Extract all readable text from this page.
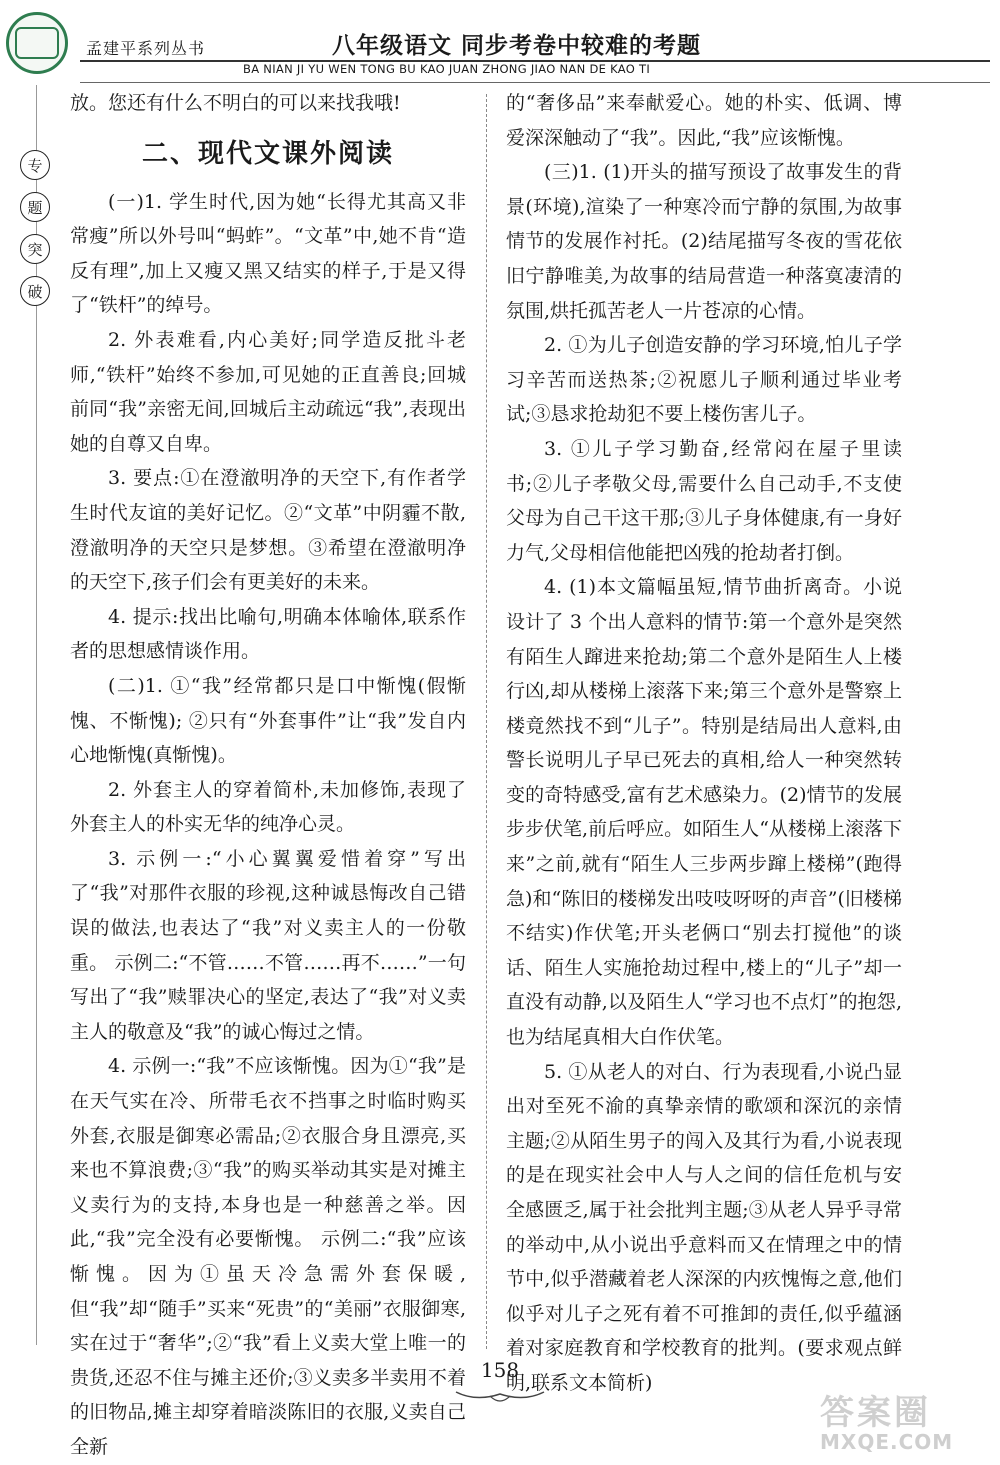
孟建平系列丛书	八年级语文 同步考卷中较难的考题
BA NIAN JI YU WEN TONG BU KAO JUAN ZHONG JIAO NAN DE KAO TI
专
题
突
破

放。您还有什么不明白的可以来找我哦!

二、现代文课外阅读

(一)1. 学生时代,因为她“长得尤其高又非常瘦”所以外号叫“蚂蚱”。“文革”中,她不肯“造反有理”,加上又瘦又黑又结实的样子,于是又得了“铁杆”的绰号。

2. 外表难看,内心美好;同学造反批斗老师,“铁杆”始终不参加,可见她的正直善良;回城前同“我”亲密无间,回城后主动疏远“我”,表现出她的自尊又自卑。

3. 要点:①在澄澈明净的天空下,有作者学生时代友谊的美好记忆。②“文革”中阴霾不散,澄澈明净的天空只是梦想。③希望在澄澈明净的天空下,孩子们会有更美好的未来。

4. 提示:找出比喻句,明确本体喻体,联系作者的思想感情谈作用。

(二)1. ①“我”经常都只是口中惭愧(假惭愧、不惭愧); ②只有“外套事件”让“我”发自内心地惭愧(真惭愧)。

2. 外套主人的穿着简朴,未加修饰,表现了外套主人的朴实无华的纯净心灵。

3. 示例一:“小心翼翼爱惜着穿”写出了“我”对那件衣服的珍视,这种诚恳悔改自己错误的做法,也表达了“我”对义卖主人的一份敬重。 示例二:“不管……不管……再不……”一句写出了“我”赎罪决心的坚定,表达了“我”对义卖主人的敬意及“我”的诚心悔过之情。

4. 示例一:“我”不应该惭愧。因为①“我”是在天气实在冷、所带毛衣不挡事之时临时购买外套,衣服是御寒必需品;②衣服合身且漂亮,买来也不算浪费;③“我”的购买举动其实是对摊主义卖行为的支持,本身也是一种慈善之举。因此,“我”完全没有必要惭愧。 示例二:“我”应该惭愧。因为①虽天冷急需外套保暖,但“我”却“随手”买来“死贵”的“美丽”衣服御寒,实在过于“奢华”;②“我”看上义卖大堂上唯一的贵货,还忍不住与摊主还价;③义卖多半卖用不着的旧物品,摊主却穿着暗淡陈旧的衣服,义卖自己全新

的“奢侈品”来奉献爱心。她的朴实、低调、博爱深深触动了“我”。因此,“我”应该惭愧。

(三)1. (1)开头的描写预设了故事发生的背景(环境),渲染了一种寒冷而宁静的氛围,为故事情节的发展作衬托。(2)结尾描写冬夜的雪花依旧宁静唯美,为故事的结局营造一种落寞凄清的氛围,烘托孤苦老人一片苍凉的心情。

2. ①为儿子创造安静的学习环境,怕儿子学习辛苦而送热茶;②祝愿儿子顺利通过毕业考试;③恳求抢劫犯不要上楼伤害儿子。

3. ①儿子学习勤奋,经常闷在屋子里读书;②儿子孝敬父母,需要什么自己动手,不支使父母为自己干这干那;③儿子身体健康,有一身好力气,父母相信他能把凶残的抢劫者打倒。

4. (1)本文篇幅虽短,情节曲折离奇。小说设计了 3 个出人意料的情节:第一个意外是突然有陌生人蹿进来抢劫;第二个意外是陌生人上楼行凶,却从楼梯上滚落下来;第三个意外是警察上楼竟然找不到“儿子”。特别是结局出人意料,由警长说明儿子早已死去的真相,给人一种突然转变的奇特感受,富有艺术感染力。(2)情节的发展步步伏笔,前后呼应。如陌生人“从楼梯上滚落下来”之前,就有“陌生人三步两步蹿上楼梯”(跑得急)和“陈旧的楼梯发出吱吱呀呀的声音”(旧楼梯不结实)作伏笔;开头老俩口“别去打搅他”的谈话、陌生人实施抢劫过程中,楼上的“儿子”却一直没有动静,以及陌生人“学习也不点灯”的抱怨,也为结尾真相大白作伏笔。

5. ①从老人的对白、行为表现看,小说凸显出对至死不渝的真挚亲情的歌颂和深沉的亲情主题;②从陌生男子的闯入及其行为看,小说表现的是在现实社会中人与人之间的信任危机与安全感匮乏,属于社会批判主题;③从老人异乎寻常的举动中,从小说出乎意料而又在情理之中的情节中,似乎潜藏着老人深深的内疚愧悔之意,他们似乎对儿子之死有着不可推卸的责任,似乎蕴涵着对家庭教育和学校教育的批判。(要求观点鲜明,联系文本简析)

158
答案圈
MXQE.COM
